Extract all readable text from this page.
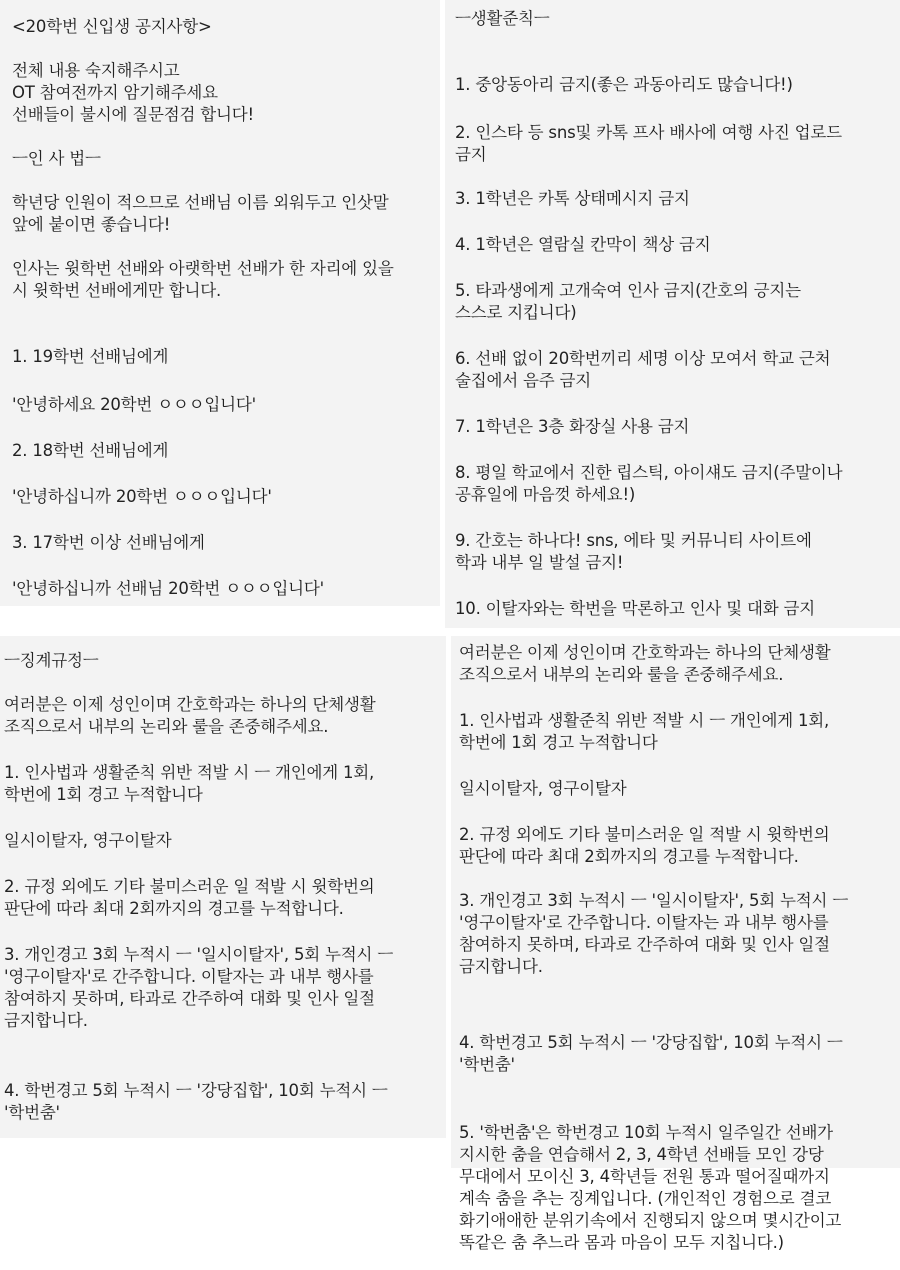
<20학번 신입생 공지사항>
전체 내용 숙지해주시고
OT 참여전까지 암기해주세요
선배들이 불시에 질문점검 합니다!
ㅡ인 사 법ㅡ
학년당 인원이 적으므로 선배님 이름 외워두고 인삿말
앞에 붙이면 좋습니다!
인사는 윗학번 선배와 아랫학번 선배가 한 자리에 있을
시 윗학번 선배에게만 합니다.
1. 19학번 선배님에게
'안녕하세요 20학번 ㅇㅇㅇ입니다'
2. 18학번 선배님에게
'안녕하십니까 20학번 ㅇㅇㅇ입니다'
3. 17학번 이상 선배님에게
'안녕하십니까 선배님 20학번 ㅇㅇㅇ입니다'
ㅡ생활준칙ㅡ
1. 중앙동아리 금지(좋은 과동아리도 많습니다!)
2. 인스타 등 sns및 카톡 프사 배사에 여행 사진 업로드
금지
3. 1학년은 카톡 상태메시지 금지
4. 1학년은 열람실 칸막이 책상 금지
5. 타과생에게 고개숙여 인사 금지(간호의 긍지는
스스로 지킵니다)
6. 선배 없이 20학번끼리 세명 이상 모여서 학교 근처
술집에서 음주 금지
7. 1학년은 3층 화장실 사용 금지
8. 평일 학교에서 진한 립스틱, 아이섀도 금지(주말이나
공휴일에 마음껏 하세요!)
9. 간호는 하나다! sns, 에타 및 커뮤니티 사이트에
학과 내부 일 발설 금지!
10. 이탈자와는 학번을 막론하고 인사 및 대화 금지
ㅡ징계규정ㅡ
여러분은 이제 성인이며 간호학과는 하나의 단체생활
조직으로서 내부의 논리와 룰을 존중해주세요.
1. 인사법과 생활준칙 위반 적발 시 ㅡ 개인에게 1회,
학번에 1회 경고 누적합니다
일시이탈자, 영구이탈자
2. 규정 외에도 기타 불미스러운 일 적발 시 윗학번의
판단에 따라 최대 2회까지의 경고를 누적합니다.
3. 개인경고 3회 누적시 ㅡ '일시이탈자', 5회 누적시 ㅡ
'영구이탈자'로 간주합니다. 이탈자는 과 내부 행사를
참여하지 못하며, 타과로 간주하여 대화 및 인사 일절
금지합니다.
4. 학번경고 5회 누적시 ㅡ '강당집합', 10회 누적시 ㅡ
'학번춤'
여러분은 이제 성인이며 간호학과는 하나의 단체생활
조직으로서 내부의 논리와 룰을 존중해주세요.
1. 인사법과 생활준칙 위반 적발 시 ㅡ 개인에게 1회,
학번에 1회 경고 누적합니다
일시이탈자, 영구이탈자
2. 규정 외에도 기타 불미스러운 일 적발 시 윗학번의
판단에 따라 최대 2회까지의 경고를 누적합니다.
3. 개인경고 3회 누적시 ㅡ '일시이탈자', 5회 누적시 ㅡ
'영구이탈자'로 간주합니다. 이탈자는 과 내부 행사를
참여하지 못하며, 타과로 간주하여 대화 및 인사 일절
금지합니다.
4. 학번경고 5회 누적시 ㅡ '강당집합', 10회 누적시 ㅡ
'학번춤'
5. '학번춤'은 학번경고 10회 누적시 일주일간 선배가
지시한 춤을 연습해서 2, 3, 4학년 선배들 모인 강당
무대에서 모이신 3, 4학년들 전원 통과 떨어질때까지
계속 춤을 추는 징계입니다. (개인적인 경험으로 결코
화기애애한 분위기속에서 진행되지 않으며 몇시간이고
똑같은 춤 추느라 몸과 마음이 모두 지칩니다.)
